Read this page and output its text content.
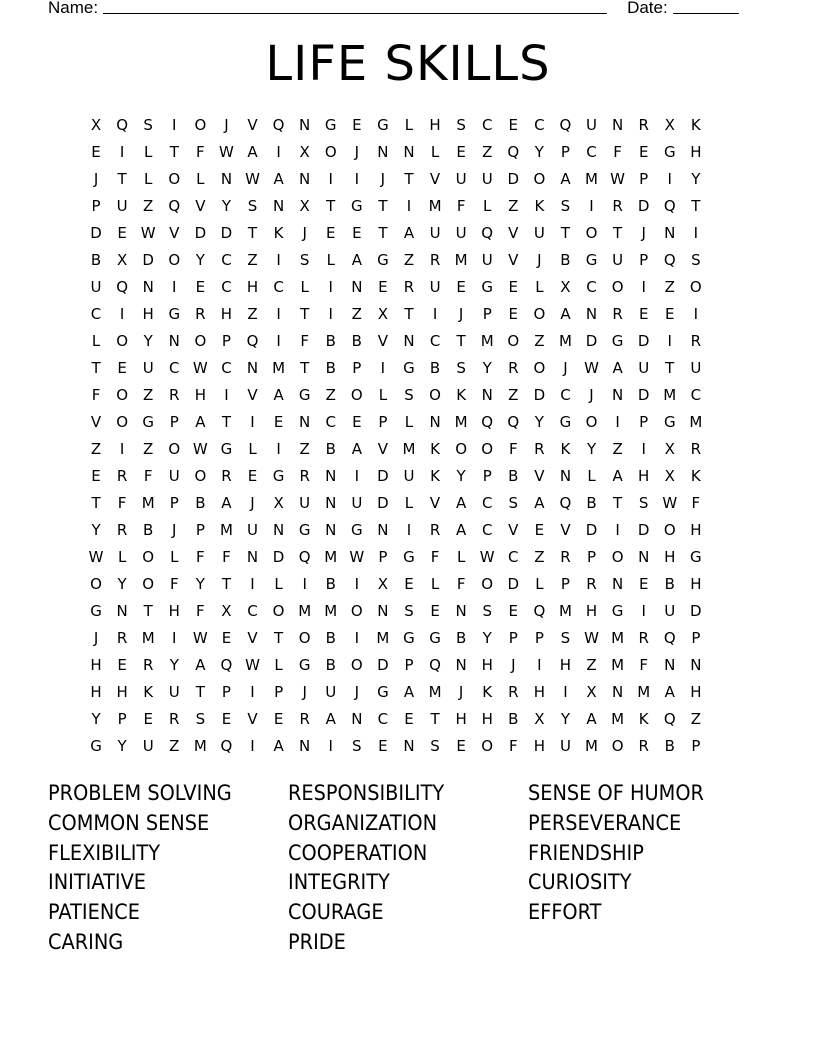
Name:	Date:
LIFE SKILLS
X	Q	S	I	O	J	V	Q N G	E	G	L	H	S	C	E	C Q U N	R	X	K
E	I	L	T	F W A	I	X	O	J	N N	L	E	Z	Q	Y	P	C	F	E	G H
J	T	L	O	L	N W A	N	I	I	J	T	V	U	U D O	A M W P	I	Y
P	U	Z	Q	V	Y	S	N	X	T	G	T	I	M	F	L	Z	K	S	I	R	D Q	T
D	E W V	D D	T	K	J	E	E	T	A	U	U Q	V	U	T	O	T	J	N	I
B	X	D O	Y	C	Z	I	S	L	A	G	Z	R M U	V	J	B	G U	P	Q	S
U Q N	I	E	C	H	C	L	I	N	E	R	U	E	G	E	L	X	C O	I	Z	O
C	I	H G	R	H	Z	I	T	I	Z	X	T	I	J	P	E	O	A	N	R	E	E	I
L	O	Y	N O	P	Q	I	F	B	B	V	N	C	T	M O	Z M D G D	I	R
T	E	U	C W C	N M	T	B	P	I	G	B	S	Y	R O	J	W A	U	T	U
F	O	Z	R	H	I	V	A	G	Z	O	L	S	O	K	N	Z	D	C	J	N D M C
V	O G	P	A	T	I	E	N	C	E	P	L	N M Q Q	Y	G O	I	P	G M
Z	I	Z	O W G	L	I	Z	B	A	V M K	O O	F	R	K	Y	Z	I	X	R
E	R	F	U O R	E	G	R	N	I	D U	K	Y	P	B	V	N	L	A	H	X	K
T	F	M	P	B	A	J	X	U N U D	L	V	A	C	S	A	Q	B	T	S W F
Y	R	B	J	P	M U N G N G N	I	R	A	C	V	E	V	D	I	D O H
W L	O	L	F	F	N D Q M W P	G	F	L W C	Z	R	P	O N H G
O	Y	O	F	Y	T	I	L	I	B	I	X	E	L	F	O D	L	P	R	N	E	B	H
G N	T	H	F	X	C O M M O N	S	E	N	S	E	Q M H G	I	U D
J	R M	I	W E	V	T	O	B	I	M G G	B	Y	P	P	S W M R Q	P
H	E	R	Y	A	Q W L	G	B	O D	P	Q N H	J	I	H	Z M	F	N N
H H	K	U	T	P	I	P	J	U	J	G	A M	J	K	R	H	I	X	N M A	H
Y	P	E	R	S	E	V	E	R	A	N	C	E	T	H H	B	X	Y	A M K	Q	Z
G	Y	U	Z M Q	I	A	N	I	S	E	N	S	E	O	F	H U M O R	B	P
PROBLEM SOLVING
COMMON SENSE
FLEXIBILITY
INITIATIVE
PATIENCE
CARING
RESPONSIBILITY
ORGANIZATION
COOPERATION
INTEGRITY
COURAGE
PRIDE
SENSE OF HUMOR
PERSEVERANCE
FRIENDSHIP
CURIOSITY
EFFORT
